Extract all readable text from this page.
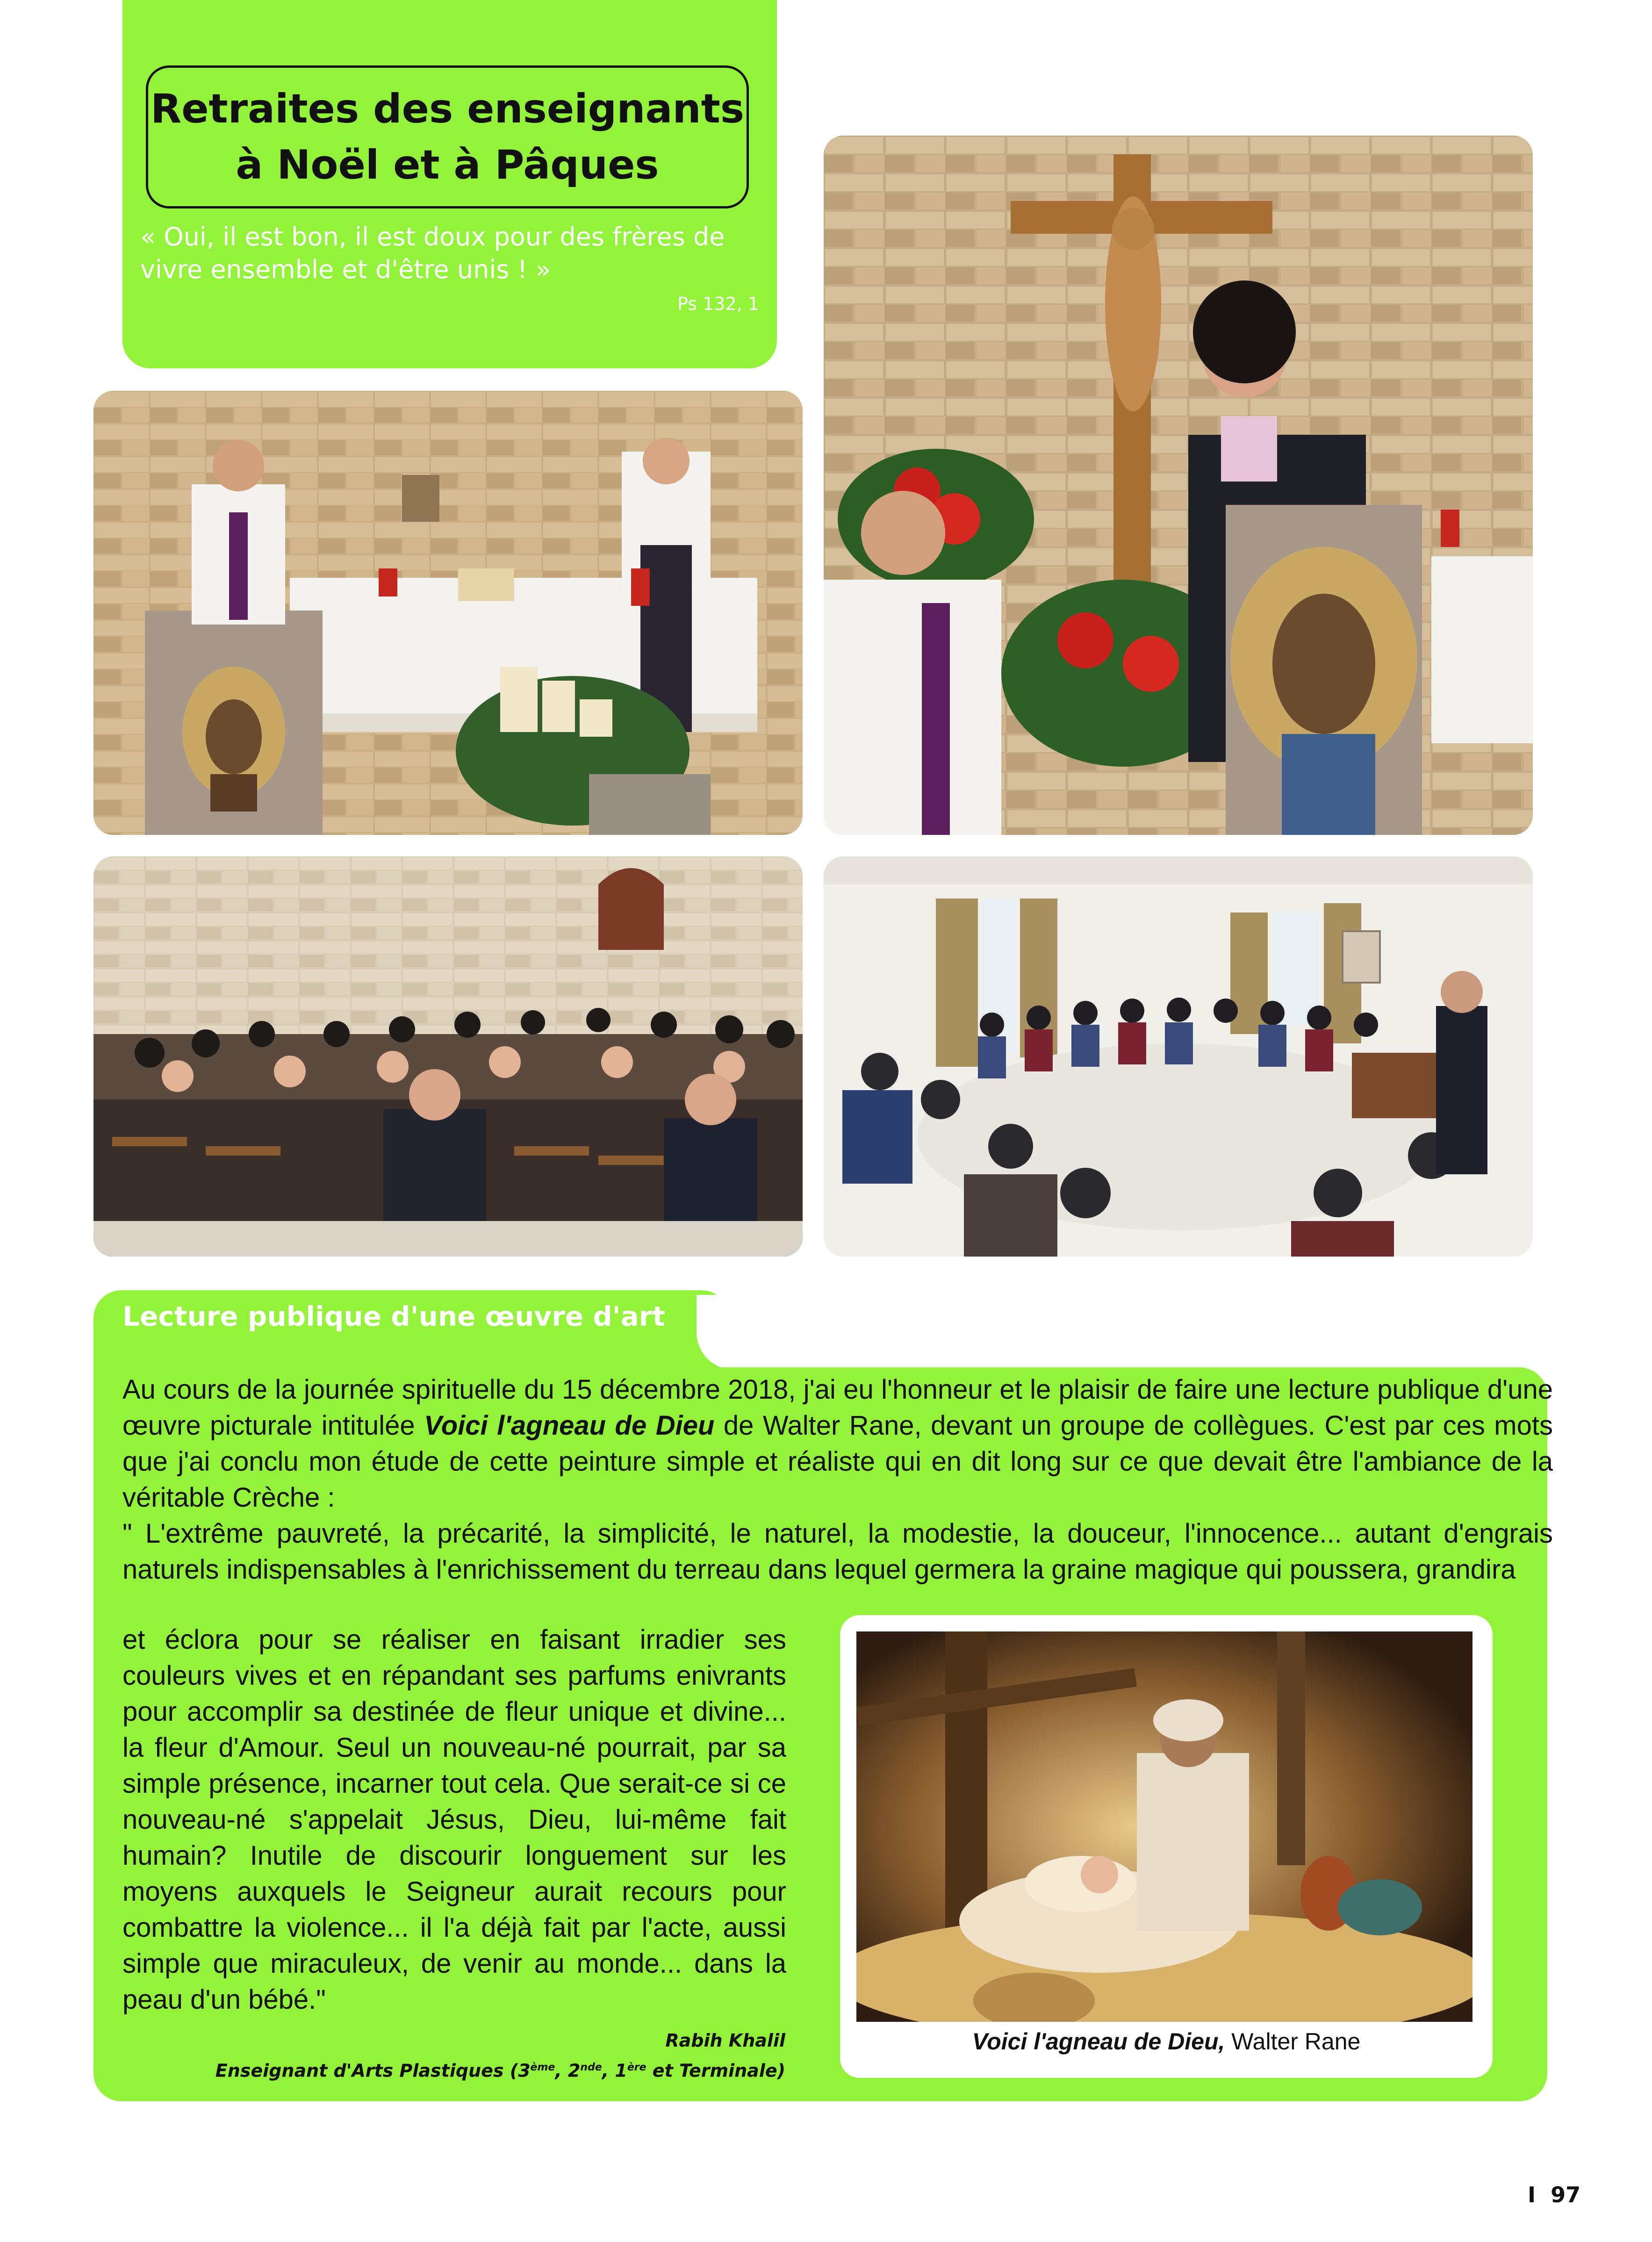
Retraites des enseignants
à Noël et à Pâques
« Oui, il est bon, il est doux pour des frères de vivre ensemble et d'être unis ! »
Ps 132, 1
Lecture publique d'une œuvre d'art
Au cours de la journée spirituelle du 15 décembre 2018, j'ai eu l'honneur et le plaisir de faire une lecture publique d'une œuvre picturale intitulée Voici l'agneau de Dieu de Walter Rane, devant un groupe de collègues. C'est par ces mots que j'ai conclu mon étude de cette peinture simple et réaliste qui en dit long sur ce que devait être l'ambiance de la véritable Crèche :
" L'extrême pauvreté, la précarité, la simplicité, le naturel, la modestie, la douceur, l'innocence... autant d'engrais naturels indispensables à l'enrichissement du terreau dans lequel germera la graine magique qui poussera, grandira
et éclora pour se réaliser en faisant irradier ses couleurs vives et en répandant ses parfums enivrants pour accomplir sa destinée de fleur unique et divine... la fleur d'Amour. Seul un nouveau-né pourrait, par sa simple présence, incarner tout cela. Que serait-ce si ce nouveau-né s'appelait Jésus, Dieu, lui-même fait humain? Inutile de discourir longuement sur les moyens auxquels le Seigneur aurait recours pour combattre la violence... il l'a déjà fait par l'acte, aussi simple que miraculeux, de venir au monde... dans la peau d'un bébé."
Rabih Khalil
Enseignant d'Arts Plastiques (3ème, 2nde, 1ère et Terminale)
Voici l'agneau de Dieu, Walter Rane
I 97
